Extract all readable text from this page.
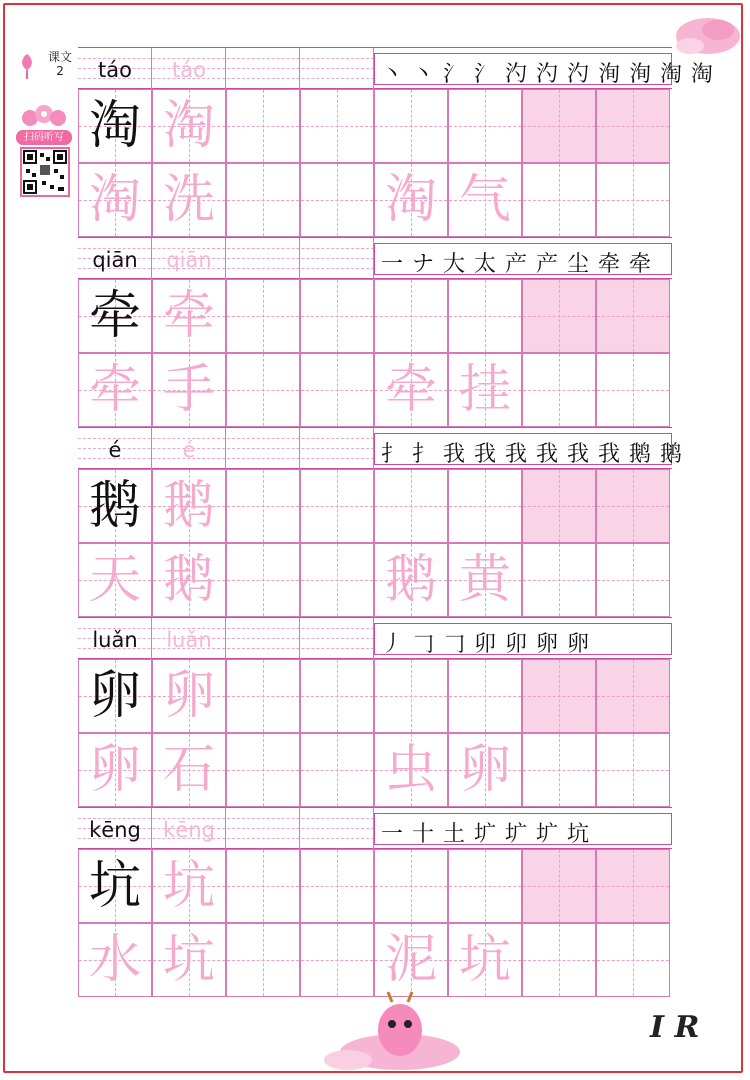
课文
2
扫码听写
táo	táo	丶 丶 氵 氵 汋 汋 汋 洵 洵 淘 淘
淘 淘
淘 洗	淘 气
qiān	qiān	一 ナ 大 太 产 产 尘 牵 牵
牵 牵
牵 手	牵 挂
é	é	扌 扌 我 我 我 我 我 我 鹅 鹅
鹅 鹅
天 鹅	鹅 黄
luǎn	luǎn	丿 𠃌 𠃌 卯 卯 卵 卵
卵 卵
卵 石	虫 卵
kēng	kēng	一 十 土 圹 圹 圹 坑
坑 坑
水 坑	泥 坑
I R
